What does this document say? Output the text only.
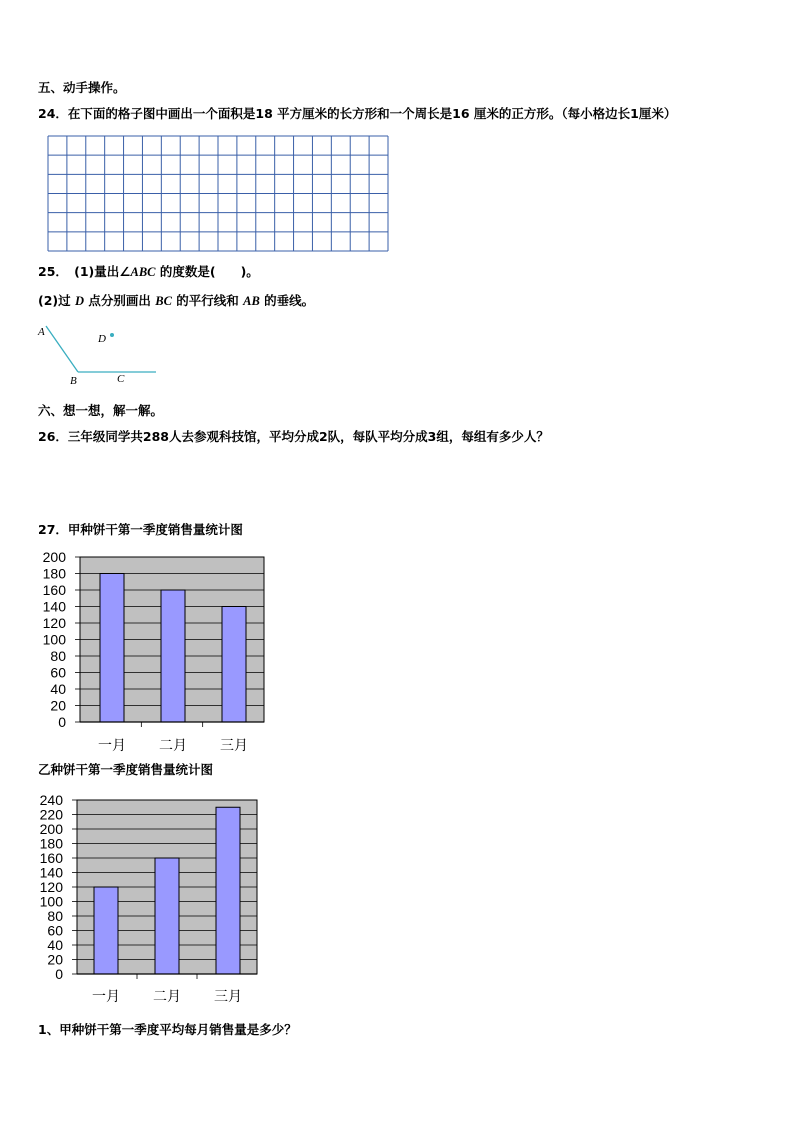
五、动手操作。
24．在下面的格子图中画出一个面积是18 平方厘米的长方形和一个周长是16 厘米的正方形。（每小格边长1厘米）
25．　(1)量出∠ABC 的度数是(　　)。
(2)过 D 点分别画出 BC 的平行线和 AB 的垂线。
A
D
B	C
六、想一想，解一解。
26．三年级同学共288人去参观科技馆，平均分成2队，每队平均分成3组，每组有多少人？
27．甲种饼干第一季度销售量统计图
0
20
40
60
80
100
120
140
160
180
200
一月 二月 三月
乙种饼干第一季度销售量统计图
0
20
40
60
80
100
120
140
160
180
200
220
240
一月 二月 三月
1、甲种饼干第一季度平均每月销售量是多少？
